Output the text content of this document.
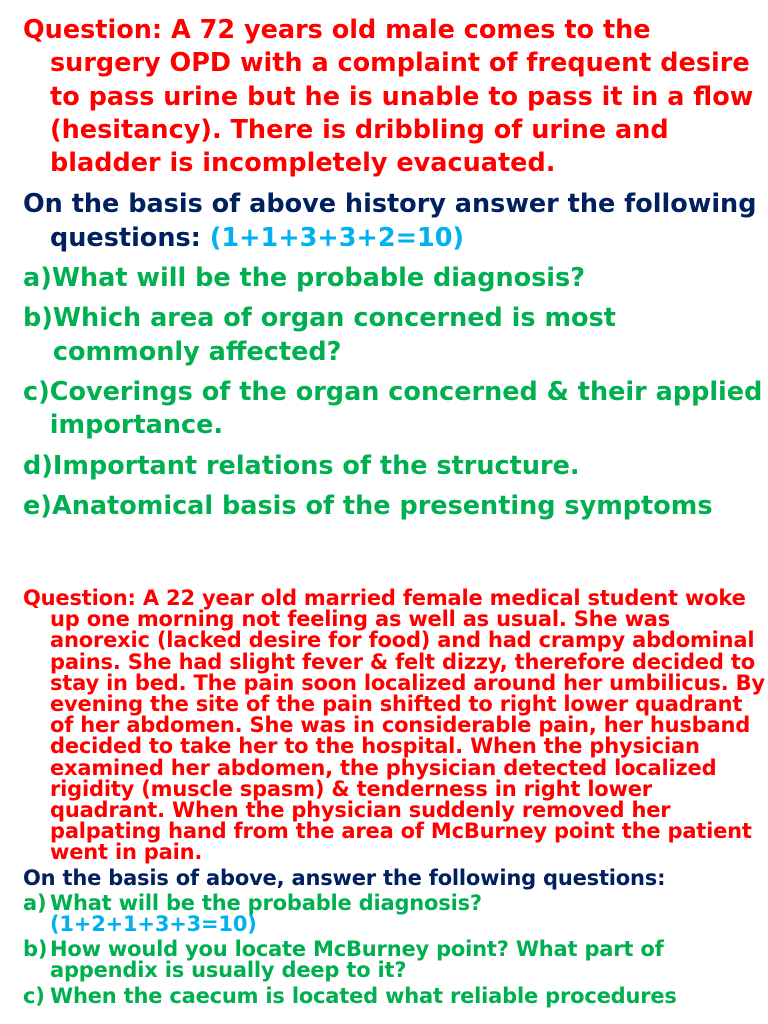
Question: A 72 years old male comes to the surgery OPD with a complaint of frequent desire to pass urine but he is unable to pass it in a flow (hesitancy). There is dribbling of urine and bladder is incompletely evacuated.

On the basis of above history answer the following questions: (1+1+3+3+2=10)

a) What will be the probable diagnosis?
b) Which area of organ concerned is most commonly affected?
c) Coverings of the organ concerned & their applied importance.
d) Important relations of the structure.
e) Anatomical basis of the presenting symptoms

Question: A 22 year old married female medical student woke up one morning not feeling as well as usual. She was anorexic (lacked desire for food) and had crampy abdominal pains. She had slight fever & felt dizzy, therefore decided to stay in bed. The pain soon localized around her umbilicus. By evening the site of the pain shifted to right lower quadrant of her abdomen. She was in considerable pain, her husband decided to take her to the hospital. When the physician examined her abdomen, the physician detected localized rigidity (muscle spasm) & tenderness in right lower quadrant. When the physician suddenly removed her palpating hand from the area of McBurney point the patient went in pain.

On the basis of above, answer the following questions:

a) What will be the probable diagnosis?
(1+2+1+3+3=10)
b) How would you locate McBurney point? What part of appendix is usually deep to it?
c) When the caecum is located what reliable procedures
